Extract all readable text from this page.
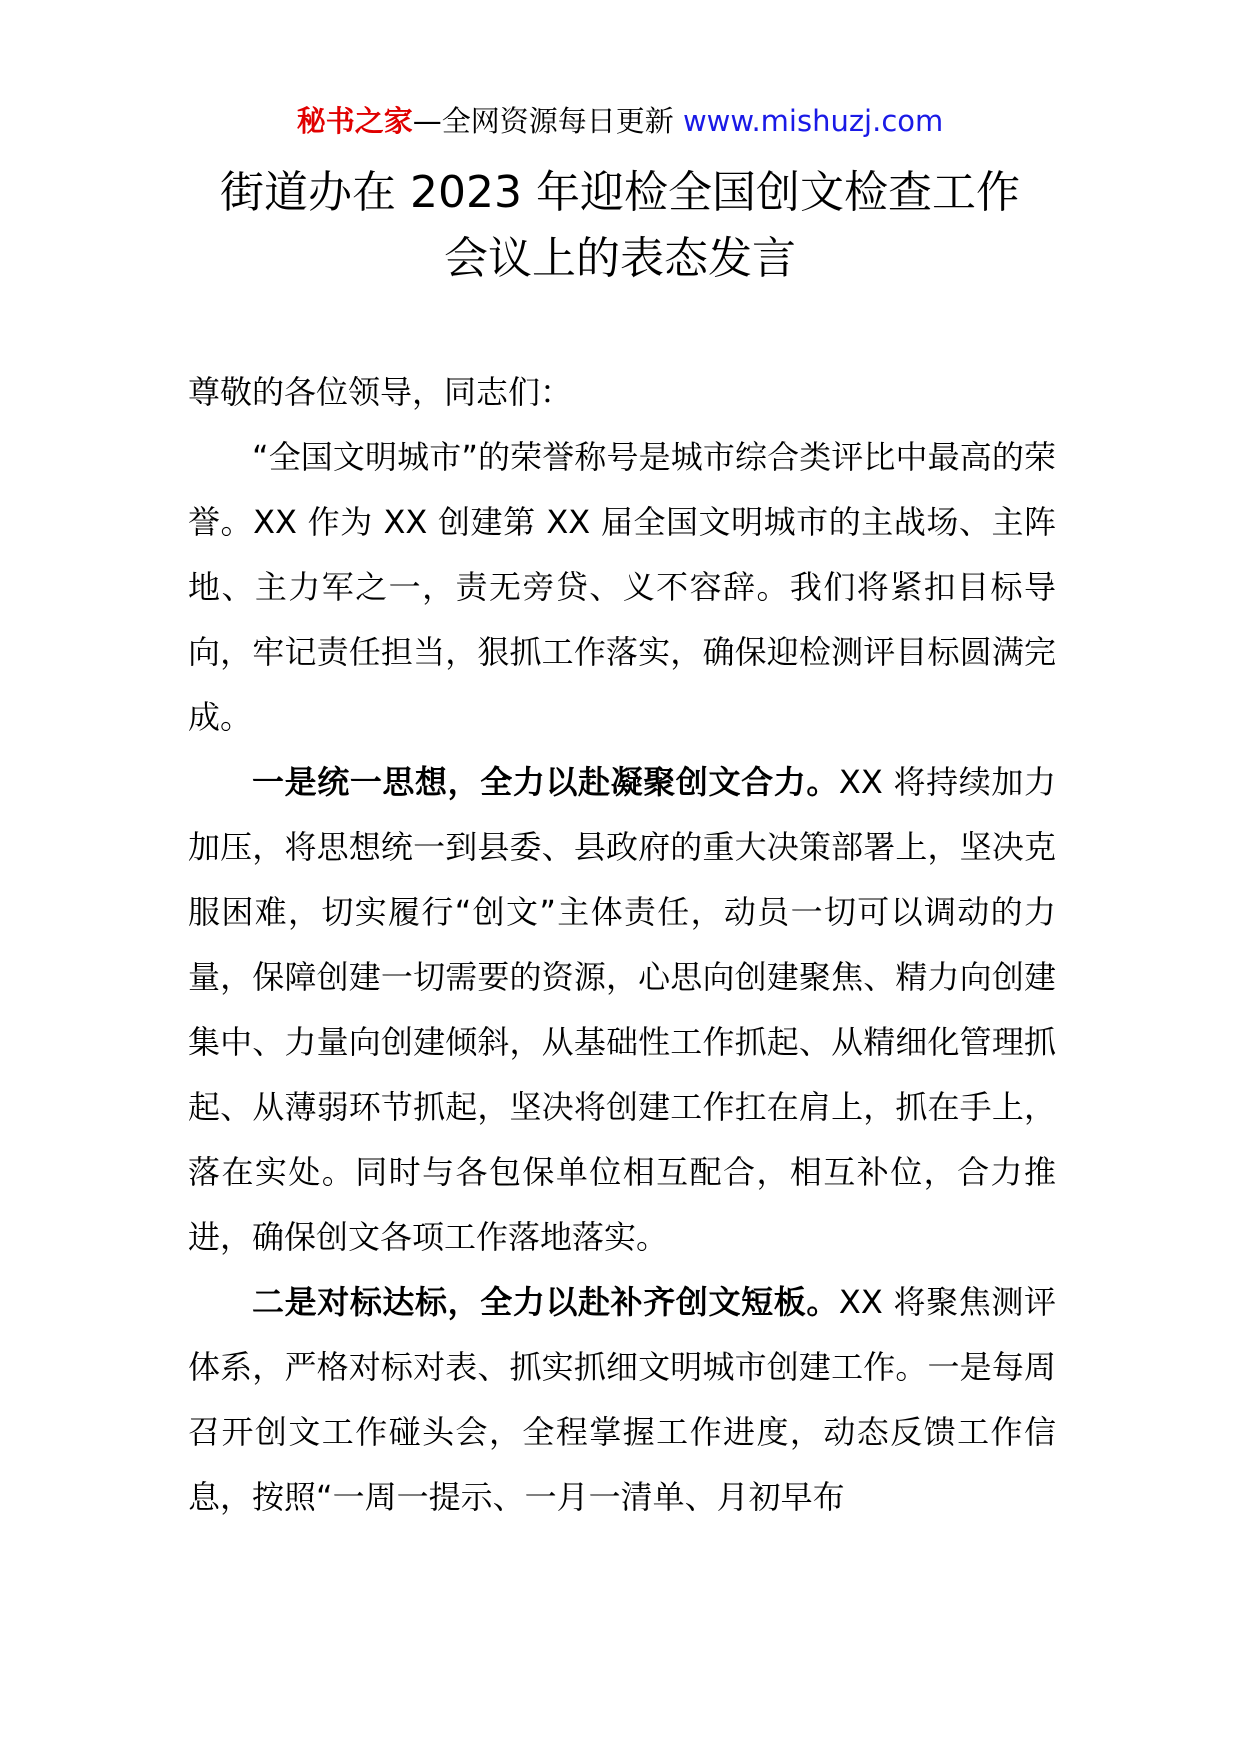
秘书之家—全网资源每日更新 www.mishuzj.com
街道办在 2023 年迎检全国创文检查工作
会议上的表态发言

尊敬的各位领导，同志们：

“全国文明城市”的荣誉称号是城市综合类评比中最高的荣誉。XX 作为 XX 创建第 XX 届全国文明城市的主战场、主阵地、主力军之一，责无旁贷、义不容辞。我们将紧扣目标导向，牢记责任担当，狠抓工作落实，确保迎检测评目标圆满完成。

一是统一思想，全力以赴凝聚创文合力。XX 将持续加力加压，将思想统一到县委、县政府的重大决策部署上，坚决克服困难，切实履行“创文”主体责任，动员一切可以调动的力量，保障创建一切需要的资源，心思向创建聚焦、精力向创建集中、力量向创建倾斜，从基础性工作抓起、从精细化管理抓起、从薄弱环节抓起，坚决将创建工作扛在肩上，抓在手上，落在实处。同时与各包保单位相互配合，相互补位，合力推进，确保创文各项工作落地落实。

二是对标达标，全力以赴补齐创文短板。XX 将聚焦测评体系，严格对标对表、抓实抓细文明城市创建工作。一是每周召开创文工作碰头会，全程掌握工作进度，动态反馈工作信息，按照“一周一提示、一月一清单、月初早布
